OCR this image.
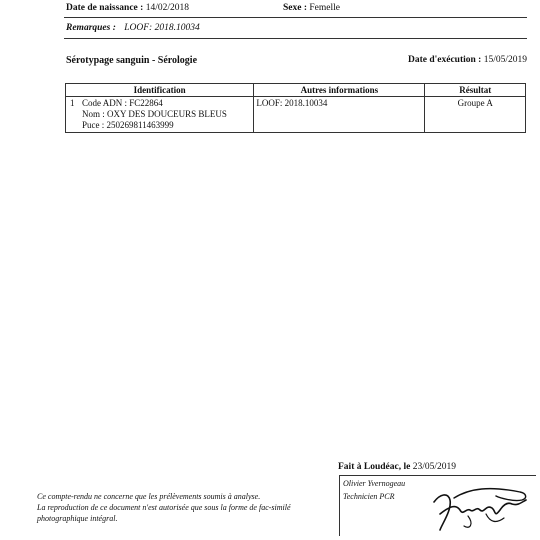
Date de naissance : 14/02/2018	Sexe : Femelle
Remarques : LOOF: 2018.10034
Sérotypage sanguin - Sérologie	Date d'exécution : 15/05/2019
Identification	Autres informations	Résultat

1 Code ADN : FC22864
Nom : OXY DES DOUCEURS BLEUS
Puce : 250269811463999	LOOF: 2018.10034	Groupe A
Fait à Loudéac, le 23/05/2019
Ce compte-rendu ne concerne que les prélèvements soumis à analyse.
La reproduction de ce document n'est autorisée que sous la forme de fac-similé
photographique intégral.
Olivier Yvernogeau
Technicien PCR
